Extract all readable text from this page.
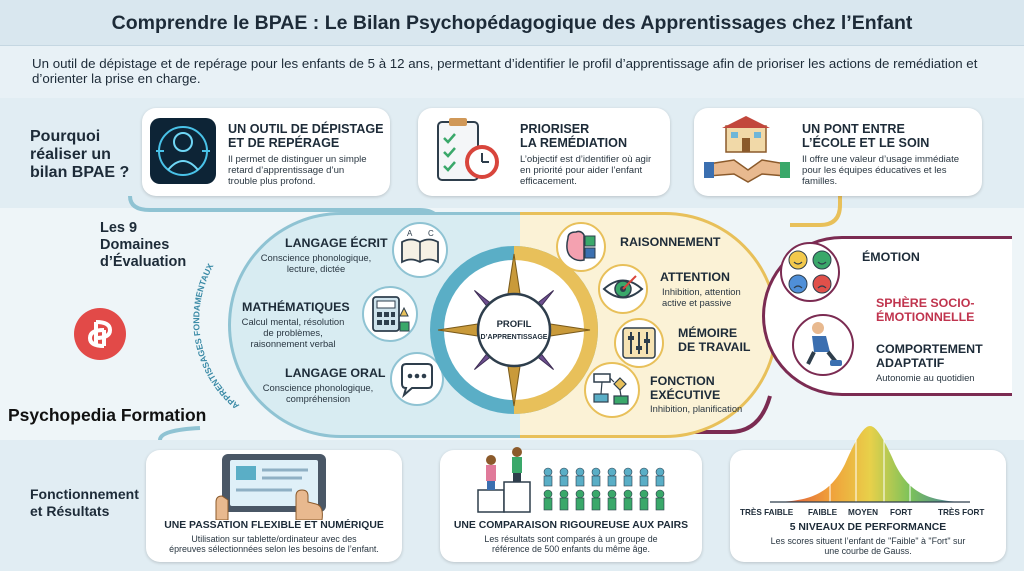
Comprendre le BPAE : Le Bilan Psychopédagogique des Apprentissages chez l’Enfant
Un outil de dépistage et de repérage pour les enfants de 5 à 12 ans, permettant d’identifier le profil d’apprentissage afin de prioriser les actions de remédiation et d’orienter la prise en charge.
Pourquoi
réaliser un
bilan BPAE ?
UN OUTIL DE DÉPISTAGE
ET DE REPÉRAGE

Il permet de distinguer un simple
retard d’apprentissage d’un
trouble plus profond.

PRIORISER
LA REMÉDIATION

L’objectif est d’identifier où agir
en priorité pour aider l’enfant
efficacement.

UN PONT ENTRE
L’ÉCOLE ET LE SOIN

Il offre une valeur d’usage immédiate
pour les équipes éducatives et les
familles.

Les 9
Domaines
d’Évaluation
APPRENTISSAGES FONDAMENTAUX
LANGAGE ÉCRIT
Conscience phonologique,
lecture, dictée
A C
MATHÉMATIQUES
Calcul mental, résolution
de problèmes,
raisonnement verbal
LANGAGE ORAL
Conscience phonologique,
compréhension
PROFIL
D’APPRENTISSAGE
RAISONNEMENT
ATTENTION
Inhibition, attention
active et passive
MÉMOIRE
DE TRAVAIL
FONCTION
EXÉCUTIVE
Inhibition, planification
ÉMOTION
SPHÈRE SOCIO-
ÉMOTIONNELLE
COMPORTEMENT
ADAPTATIF
Autonomie au quotidien
Psychopedia Formation
Fonctionnement
et Résultats
UNE PASSATION FLEXIBLE ET NUMÉRIQUE
Utilisation sur tablette/ordinateur avec des
épreuves sélectionnées selon les besoins de l’enfant.
UNE COMPARAISON RIGOUREUSE AUX PAIRS
Les résultats sont comparés à un groupe de
référence de 500 enfants du même âge.
TRÈS FAIBLE FAIBLE MOYEN FORT	TRÈS FORT
5 NIVEAUX DE PERFORMANCE
Les scores situent l’enfant de "Faible" à "Fort" sur
une courbe de Gauss.
